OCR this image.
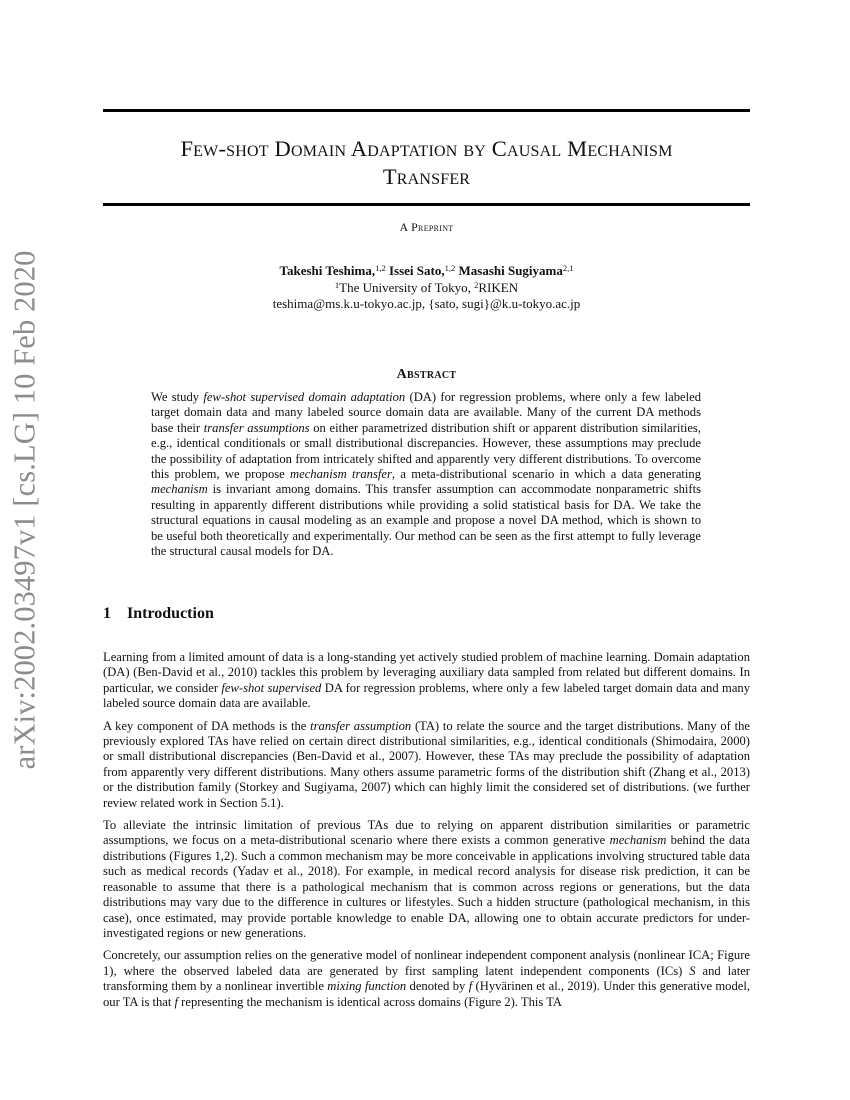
arXiv:2002.03497v1 [cs.LG] 10 Feb 2020
Few-shot Domain Adaptation by Causal Mechanism
Transfer
A Preprint
Takeshi Teshima,$^{1,2}$ Issei Sato,$^{1,2}$ Masashi Sugiyama$^{2,1}$
$^1$The University of Tokyo, $^2$RIKEN
teshima@ms.k.u-tokyo.ac.jp, {sato, sugi}@k.u-tokyo.ac.jp
Abstract
We study few-shot supervised domain adaptation (DA) for regression problems, where only a few labeled target domain data and many labeled source domain data are available. Many of the current DA methods base their transfer assumptions on either parametrized distribution shift or apparent distribution similarities, e.g., identical conditionals or small distributional discrepancies. However, these assumptions may preclude the possibility of adaptation from intricately shifted and apparently very different distributions. To overcome this problem, we propose mechanism transfer, a meta-distributional scenario in which a data generating mechanism is invariant among domains. This transfer assumption can accommodate nonparametric shifts resulting in apparently different distributions while providing a solid statistical basis for DA. We take the structural equations in causal modeling as an example and propose a novel DA method, which is shown to be useful both theoretically and experimentally. Our method can be seen as the first attempt to fully leverage the structural causal models for DA.
1 Introduction

Learning from a limited amount of data is a long-standing yet actively studied problem of machine learning. Domain adaptation (DA) (Ben-David et al., 2010) tackles this problem by leveraging auxiliary data sampled from related but different domains. In particular, we consider few-shot supervised DA for regression problems, where only a few labeled target domain data and many labeled source domain data are available.

A key component of DA methods is the transfer assumption (TA) to relate the source and the target distributions. Many of the previously explored TAs have relied on certain direct distributional similarities, e.g., identical conditionals (Shimodaira, 2000) or small distributional discrepancies (Ben-David et al., 2007). However, these TAs may preclude the possibility of adaptation from apparently very different distributions. Many others assume parametric forms of the distribution shift (Zhang et al., 2013) or the distribution family (Storkey and Sugiyama, 2007) which can highly limit the considered set of distributions. (we further review related work in Section 5.1).

To alleviate the intrinsic limitation of previous TAs due to relying on apparent distribution similarities or parametric assumptions, we focus on a meta-distributional scenario where there exists a common generative mechanism behind the data distributions (Figures 1,2). Such a common mechanism may be more conceivable in applications involving structured table data such as medical records (Yadav et al., 2018). For example, in medical record analysis for disease risk prediction, it can be reasonable to assume that there is a pathological mechanism that is common across regions or generations, but the data distributions may vary due to the difference in cultures or lifestyles. Such a hidden structure (pathological mechanism, in this case), once estimated, may provide portable knowledge to enable DA, allowing one to obtain accurate predictors for under-investigated regions or new generations.

Concretely, our assumption relies on the generative model of nonlinear independent component analysis (nonlinear ICA; Figure 1), where the observed labeled data are generated by first sampling latent independent components (ICs) S and later transforming them by a nonlinear invertible mixing function denoted by f (Hyvärinen et al., 2019). Under this generative model, our TA is that f representing the mechanism is identical across domains (Figure 2). This TA
